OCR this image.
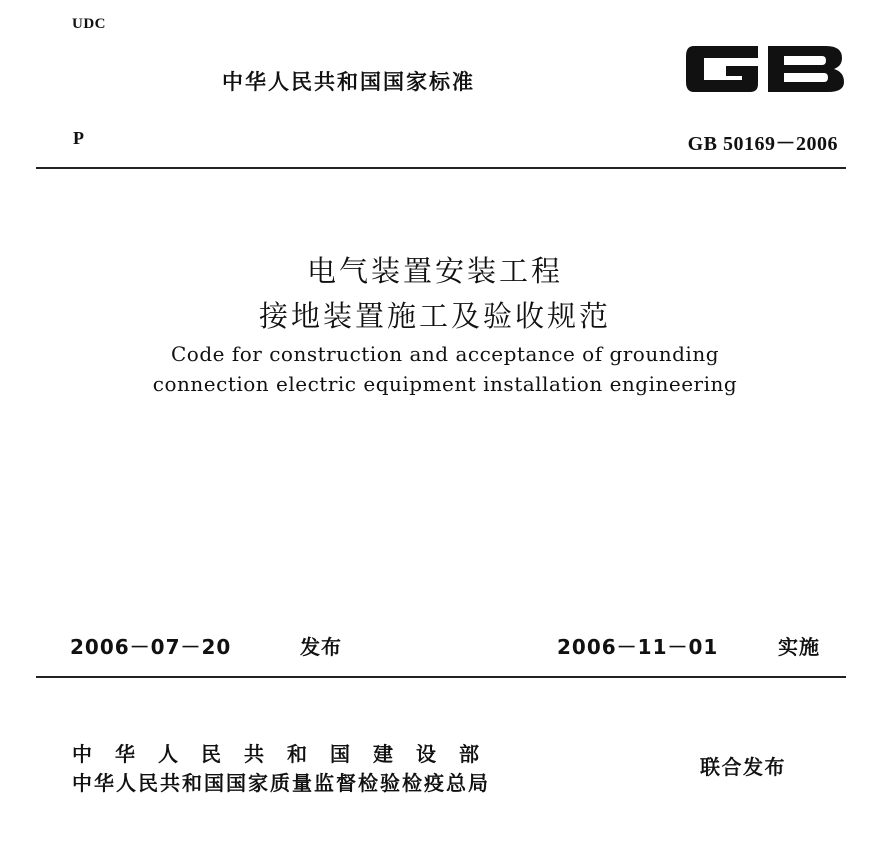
UDC
中华人民共和国国家标准
P	GB 50169－2006
电气装置安装工程
接地装置施工及验收规范
Code for construction and acceptance of grounding
connection electric equipment installation engineering
2006－07－20	发布	2006－11－01	实施
中华人民共和国建设部
中华人民共和国国家质量监督检验检疫总局
联合发布
